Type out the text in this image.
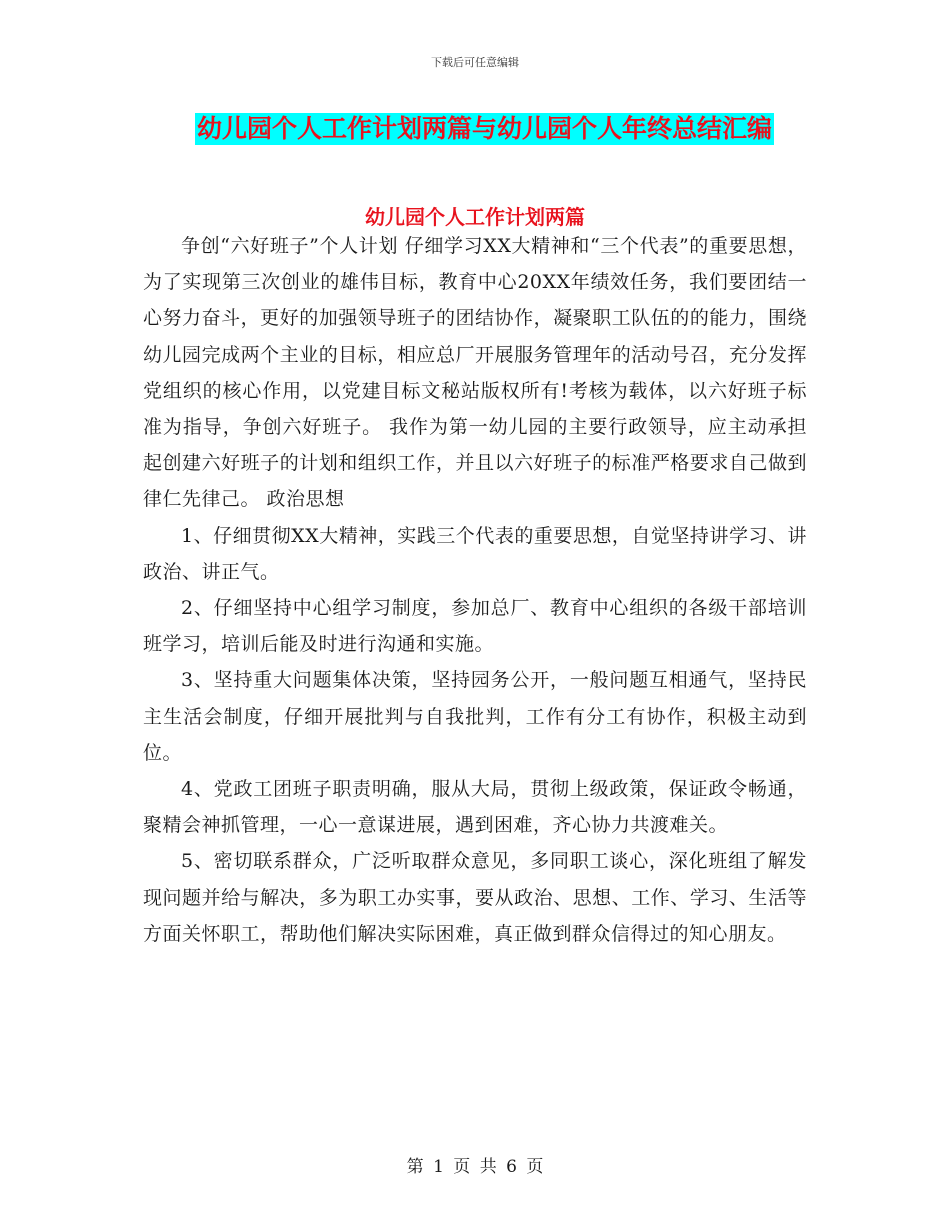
下载后可任意编辑
幼儿园个人工作计划两篇与幼儿园个人年终总结汇编
幼儿园个人工作计划两篇

争创“六好班子”个人计划 仔细学习XX大精神和“三个代表”的重要思想，为了实现第三次创业的雄伟目标，教育中心20XX年绩效任务，我们要团结一心努力奋斗，更好的加强领导班子的团结协作，凝聚职工队伍的的能力，围绕幼儿园完成两个主业的目标，相应总厂开展服务管理年的活动号召，充分发挥党组织的核心作用，以党建目标文秘站版权所有!考核为载体，以六好班子标准为指导，争创六好班子。 我作为第一幼儿园的主要行政领导，应主动承担起创建六好班子的计划和组织工作，并且以六好班子的标准严格要求自己做到律仁先律己。 政治思想

1、仔细贯彻XX大精神，实践三个代表的重要思想，自觉坚持讲学习、讲政治、讲正气。

2、仔细坚持中心组学习制度，参加总厂、教育中心组织的各级干部培训班学习，培训后能及时进行沟通和实施。

3、坚持重大问题集体决策，坚持园务公开，一般问题互相通气，坚持民主生活会制度，仔细开展批判与自我批判，工作有分工有协作，积极主动到位。

4、党政工团班子职责明确，服从大局，贯彻上级政策，保证政令畅通，聚精会神抓管理，一心一意谋进展，遇到困难，齐心协力共渡难关。

5、密切联系群众，广泛听取群众意见，多同职工谈心，深化班组了解发现问题并给与解决，多为职工办实事，要从政治、思想、工作、学习、生活等方面关怀职工，帮助他们解决实际困难，真正做到群众信得过的知心朋友。

第 1 页 共 6 页
